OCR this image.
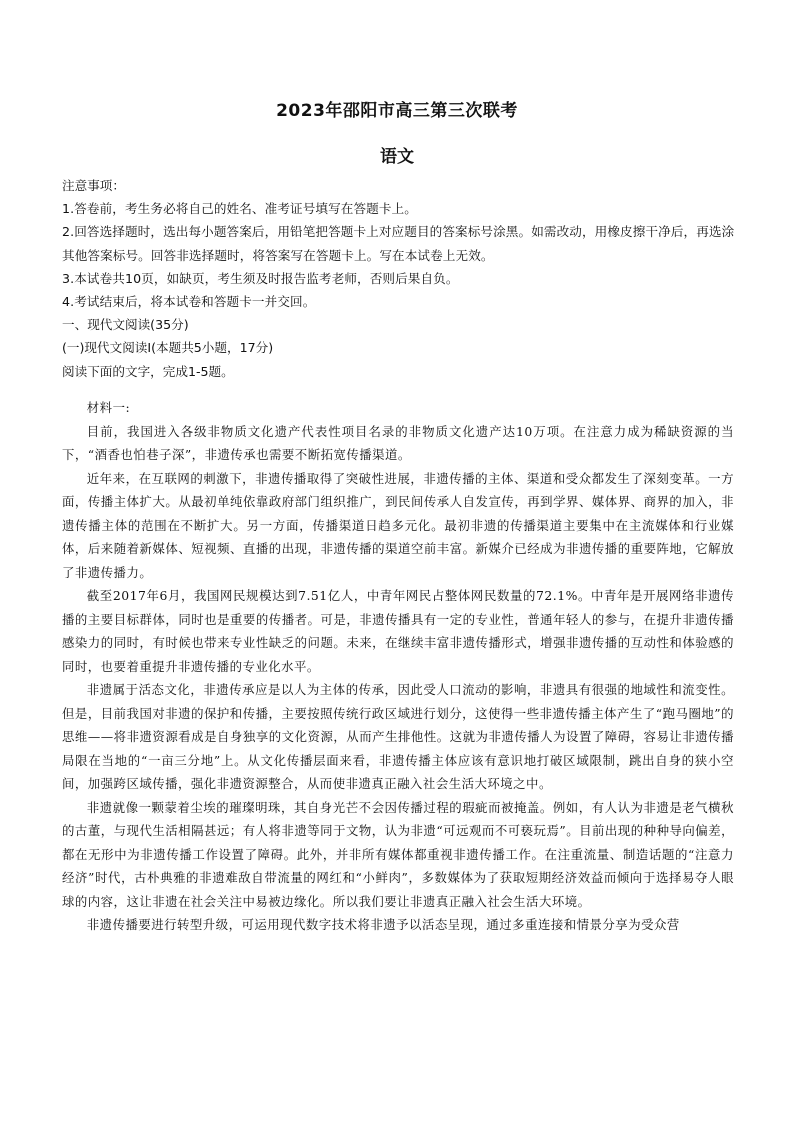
2023年邵阳市高三第三次联考
语文

注意事项：

1.答卷前，考生务必将自己的姓名、准考证号填写在答题卡上。

2.回答选择题时，选出每小题答案后，用铅笔把答题卡上对应题目的答案标号涂黑。如需改动，用橡皮擦干净后，再选涂其他答案标号。回答非选择题时，将答案写在答题卡上。写在本试卷上无效。

3.本试卷共10页，如缺页，考生须及时报告监考老师，否则后果自负。

4.考试结束后，将本试卷和答题卡一并交回。

一、现代文阅读(35分)

(一)现代文阅读Ⅰ(本题共5小题，17分)

阅读下面的文字，完成1-5题。

材料一:

目前，我国进入各级非物质文化遗产代表性项目名录的非物质文化遗产达10万项。在注意力成为稀缺资源的当下，“酒香也怕巷子深”，非遗传承也需要不断拓宽传播渠道。

近年来，在互联网的刺激下，非遗传播取得了突破性进展，非遗传播的主体、渠道和受众都发生了深刻变革。一方面，传播主体扩大。从最初单纯依靠政府部门组织推广，到民间传承人自发宣传，再到学界、媒体界、商界的加入，非遗传播主体的范围在不断扩大。另一方面，传播渠道日趋多元化。最初非遗的传播渠道主要集中在主流媒体和行业媒体，后来随着新媒体、短视频、直播的出现，非遗传播的渠道空前丰富。新媒介已经成为非遗传播的重要阵地，它解放了非遗传播力。

截至2017年6月，我国网民规模达到7.51亿人，中青年网民占整体网民数量的72.1%。中青年是开展网络非遗传播的主要目标群体，同时也是重要的传播者。可是，非遗传播具有一定的专业性，普通年轻人的参与，在提升非遗传播感染力的同时，有时候也带来专业性缺乏的问题。未来，在继续丰富非遗传播形式，增强非遗传播的互动性和体验感的同时，也要着重提升非遗传播的专业化水平。

非遗属于活态文化，非遗传承应是以人为主体的传承，因此受人口流动的影响，非遗具有很强的地域性和流变性。但是，目前我国对非遗的保护和传播，主要按照传统行政区域进行划分，这使得一些非遗传播主体产生了“跑马圈地”的思维——将非遗资源看成是自身独享的文化资源，从而产生排他性。这就为非遗传播人为设置了障碍，容易让非遗传播局限在当地的“一亩三分地”上。从文化传播层面来看，非遗传播主体应该有意识地打破区域限制，跳出自身的狭小空间，加强跨区域传播，强化非遗资源整合，从而使非遗真正融入社会生活大环境之中。

非遗就像一颗蒙着尘埃的璀璨明珠，其自身光芒不会因传播过程的瑕疵而被掩盖。例如，有人认为非遗是老气横秋的古董，与现代生活相隔甚远；有人将非遗等同于文物，认为非遗“可远观而不可亵玩焉”。目前出现的种种导向偏差，都在无形中为非遗传播工作设置了障碍。此外，并非所有媒体都重视非遗传播工作。在注重流量、制造话题的“注意力经济”时代，古朴典雅的非遗难敌自带流量的网红和“小鲜肉”，多数媒体为了获取短期经济效益而倾向于选择易夺人眼球的内容，这让非遗在社会关注中易被边缘化。所以我们要让非遗真正融入社会生活大环境。

非遗传播要进行转型升级，可运用现代数字技术将非遗予以活态呈现，通过多重连接和情景分享为受众营
